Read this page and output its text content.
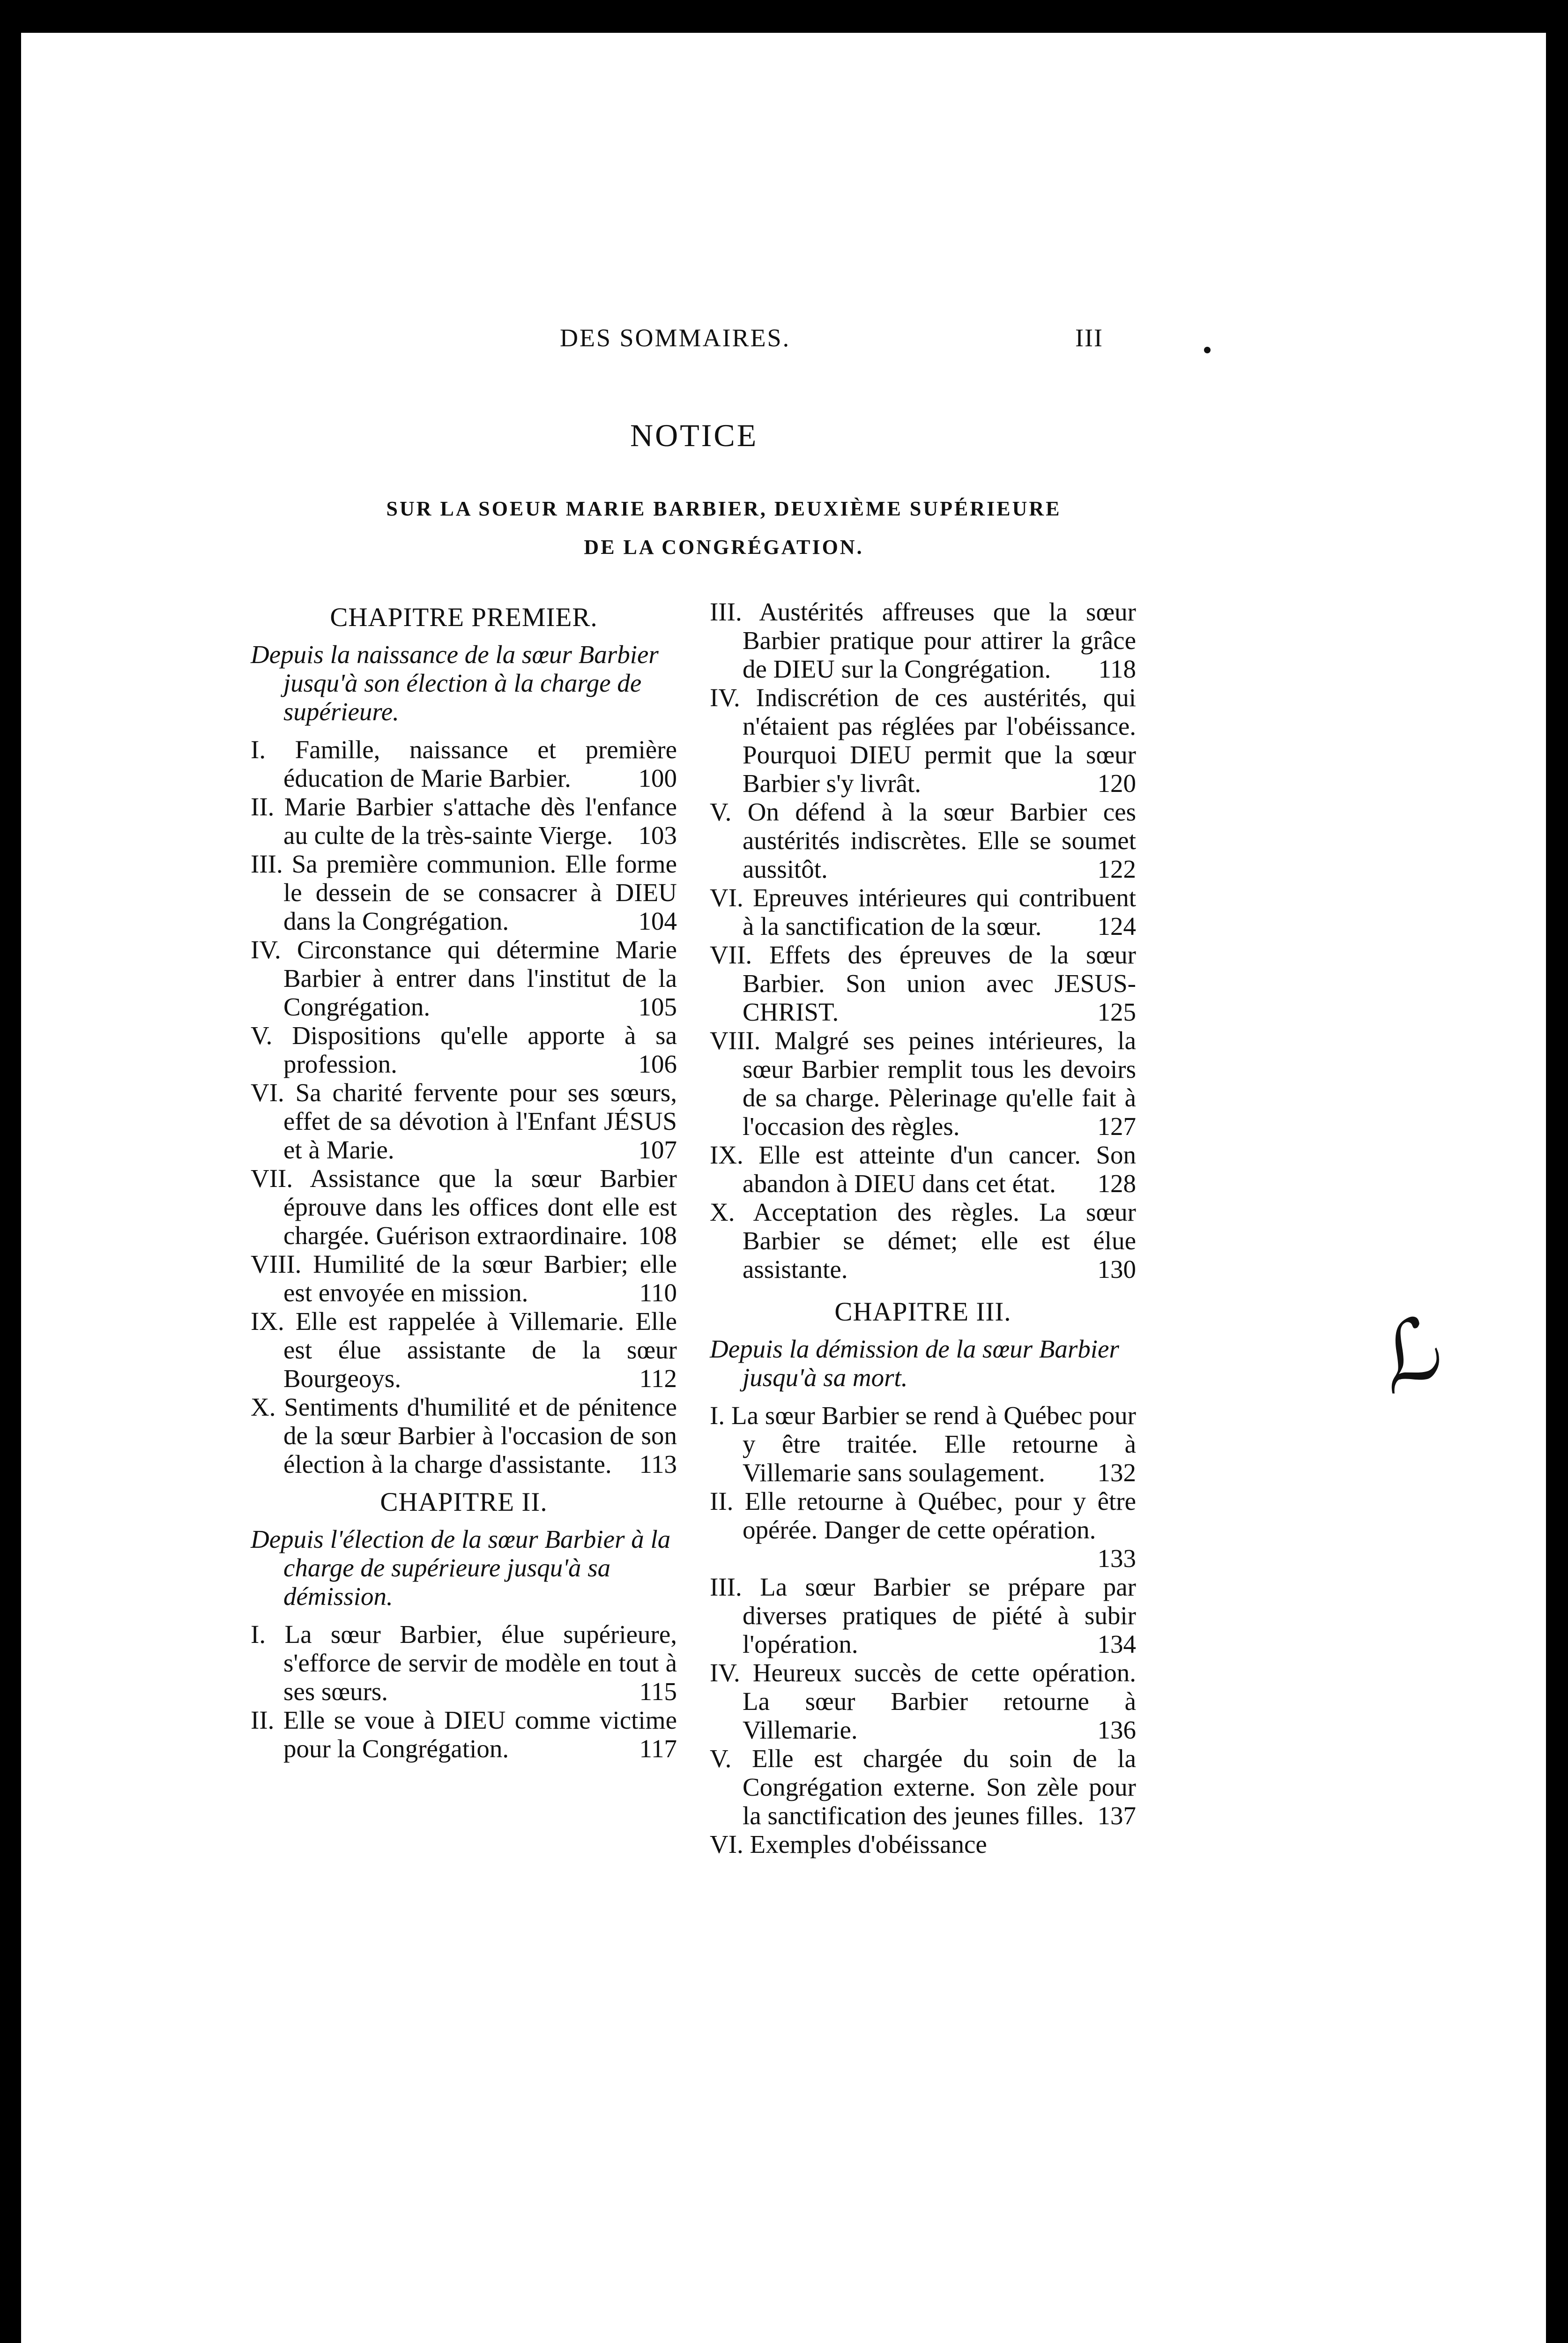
DES SOMMAIRES.	III
NOTICE
SUR LA SOEUR MARIE BARBIER, DEUXIÈME SUPÉRIEURE
DE LA CONGRÉGATION.
CHAPITRE PREMIER.
Depuis la naissance de la sœur Barbier jusqu'à son élection à la charge de supérieure.
I. Famille, naissance et première éducation de Marie Barbier.	100
II. Marie Barbier s'attache dès l'enfance au culte de la très-sainte Vierge. 103
III. Sa première communion. Elle forme le dessein de se consacrer à DIEU dans la Congrégation.	104
IV. Circonstance qui détermine Marie Barbier à entrer dans l'institut de la Congrégation.	105
V. Dispositions qu'elle apporte à sa profession.	106
VI. Sa charité fervente pour ses sœurs, effet de sa dévotion à l'Enfant JÉSUS et à Marie.	107
VII. Assistance que la sœur Barbier éprouve dans les offices dont elle est chargée. Guérison extraordinaire. 108
VIII. Humilité de la sœur Barbier; elle est envoyée en mission.	110
IX. Elle est rappelée à Villemarie. Elle est élue assistante de la sœur Bourgeoys.	112
X. Sentiments d'humilité et de pénitence de la sœur Barbier à l'occasion de son élection à la charge d'assistante.	113
CHAPITRE II.
Depuis l'élection de la sœur Barbier à la charge de supérieure jusqu'à sa démission.
I. La sœur Barbier, élue supérieure, s'efforce de servir de modèle en tout à ses sœurs.	115
II. Elle se voue à DIEU comme victime pour la Congrégation.	117
III. Austérités affreuses que la sœur Barbier pratique pour attirer la grâce de DIEU sur la Congrégation.	118
IV. Indiscrétion de ces austérités, qui n'étaient pas réglées par l'obéissance. Pourquoi DIEU permit que la sœur Barbier s'y livrât.	120
V. On défend à la sœur Barbier ces austérités indiscrètes. Elle se soumet aussitôt.	122
VI. Epreuves intérieures qui contribuent à la sanctification de la sœur.	124
VII. Effets des épreuves de la sœur Barbier. Son union avec JESUS-CHRIST.	125
VIII. Malgré ses peines intérieures, la sœur Barbier remplit tous les devoirs de sa charge. Pèlerinage qu'elle fait à l'occasion des règles.	127
IX. Elle est atteinte d'un cancer. Son abandon à DIEU dans cet état.	128
X. Acceptation des règles. La sœur Barbier se démet; elle est élue assistante.	130
CHAPITRE III.
Depuis la démission de la sœur Barbier jusqu'à sa mort.
I. La sœur Barbier se rend à Québec pour y être traitée. Elle retourne à Villemarie sans soulagement.	132
II. Elle retourne à Québec, pour y être opérée. Danger de cette opération.
133
III. La sœur Barbier se prépare par diverses pratiques de piété à subir l'opération.	134
IV. Heureux succès de cette opération. La sœur Barbier retourne à Villemarie.	136
V. Elle est chargée du soin de la Congrégation externe. Son zèle pour la sanctification des jeunes filles. 137
VI. Exemples d'obéissance
ℒ
